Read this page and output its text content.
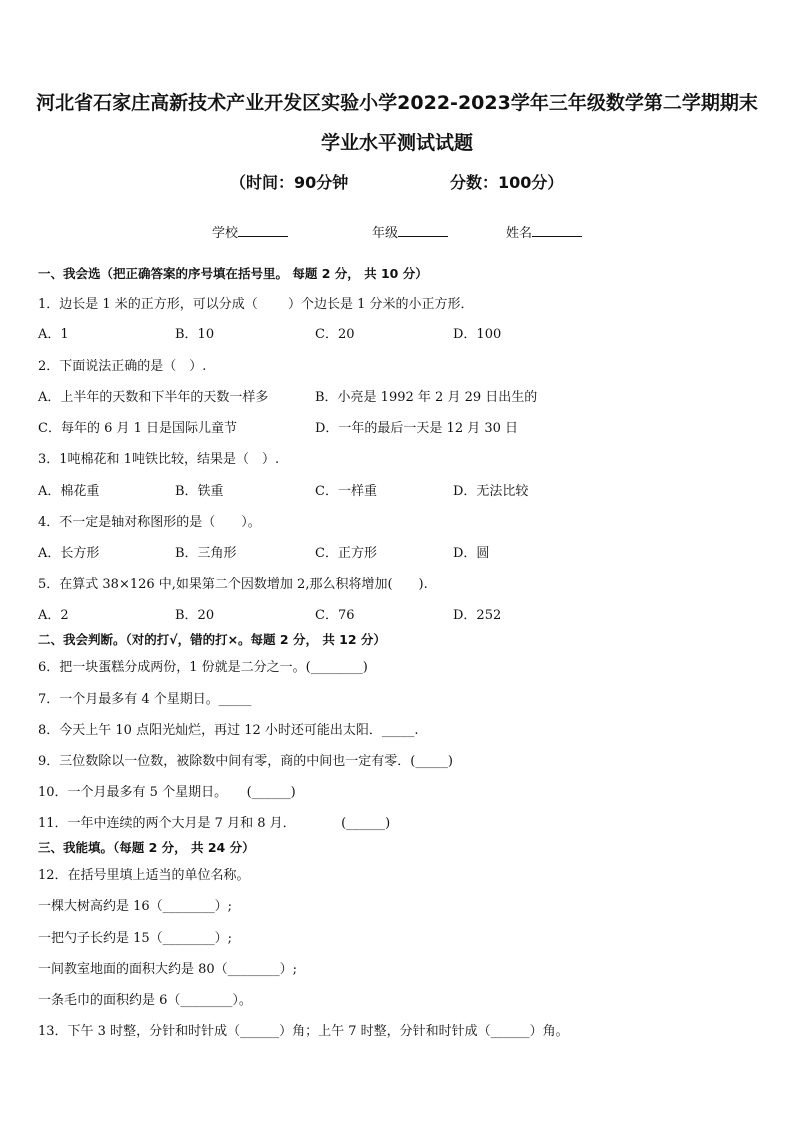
河北省石家庄高新技术产业开发区实验小学2022-2023学年三年级数学第二学期期末
学业水平测试试题
（时间：90分钟	分数：100分）
学校	年级	姓名
一、我会选（把正确答案的序号填在括号里。 每题 2 分， 共 10 分）
1．边长是 1 米的正方形，可以分成（　　 ）个边长是 1 分米的小正方形．
A．1	B．10	C．20	D．100
2．下面说法正确的是（　）.
A．上半年的天数和下半年的天数一样多	B．小亮是 1992 年 2 月 29 日出生的
C．每年的 6 月 1 日是国际儿童节	D．一年的最后一天是 12 月 30 日
3．1吨棉花和 1吨铁比较，结果是（　）.
A．棉花重	B．铁重	C．一样重	D．无法比较
4．不一定是轴对称图形的是（　　）。
A．长方形	B．三角形	C．正方形	D．圆
5．在算式 38×126 中,如果第二个因数增加 2,那么积将增加(　　).
A．2	B．20	C．76	D．252
二、我会判断。（对的打√，错的打×。每题 2 分， 共 12 分）
6．把一块蛋糕分成两份，1 份就是二分之一。(________)
7．一个月最多有 4 个星期日。_____
8．今天上午 10 点阳光灿烂，再过 12 小时还可能出太阳．_____.
9．三位数除以一位数，被除数中间有零，商的中间也一定有零．(_____)
10．一个月最多有 5 个星期日。　　(______)
11．一年中连续的两个大月是 7 月和 8 月．　　　　(______)
三、我能填。（每题 2 分， 共 24 分）
12．在括号里填上适当的单位名称。
一棵大树高约是 16（________）;
一把勺子长约是 15（________）;
一间教室地面的面积大约是 80（________）;
一条毛巾的面积约是 6（________）。
13．下午 3 时整，分针和时针成（______）角；上午 7 时整，分针和时针成（______）角。
